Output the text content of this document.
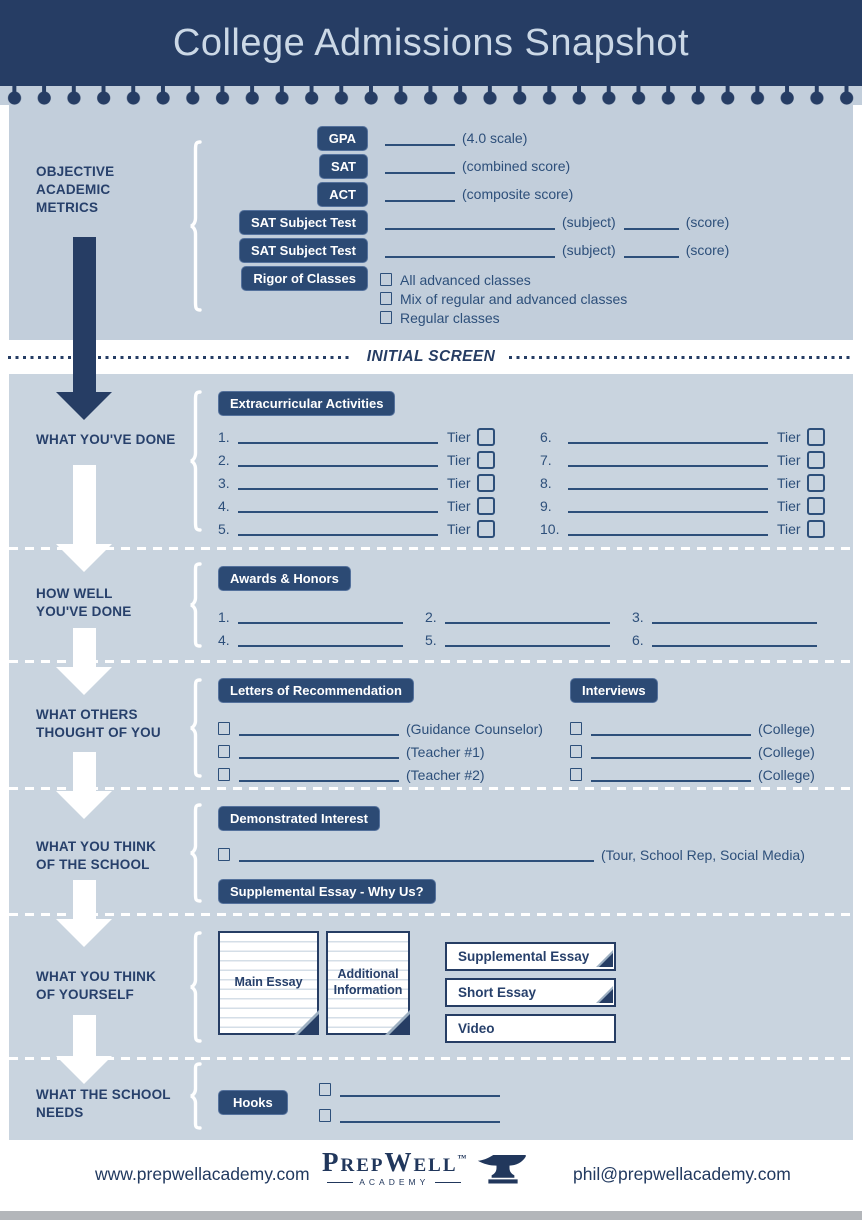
College Admissions Snapshot
INITIAL SCREEN
OBJECTIVE ACADEMIC METRICS
WHAT YOU'VE DONE
HOW WELL YOU'VE DONE
WHAT OTHERS THOUGHT OF YOU
WHAT YOU THINK OF THE SCHOOL
WHAT YOU THINK OF YOURSELF
WHAT THE SCHOOL NEEDS
GPA	(4.0 scale)
SAT	(combined score)
ACT	(composite score)
SAT Subject Test	(subject)	(score)
SAT Subject Test	(subject)	(score)
Rigor of Classes	All advanced classes
Mix of regular and advanced classes
Regular classes
Extracurricular Activities
1.	Tier
2.	Tier
3.	Tier
4.	Tier
5.	Tier
6.	Tier
7.	Tier
8.	Tier
9.	Tier
10.	Tier
Awards & Honors
1.	2.	3.
4.	5.	6.
Letters of Recommendation
(Guidance Counselor)
(Teacher #1)
(Teacher #2)
Interviews
(College)
(College)
(College)
Demonstrated Interest
(Tour, School Rep, Social Media)
Supplemental Essay - Why Us?
Main Essay
Additional Information
Supplemental Essay
Short Essay
Video
Hooks
www.prepwellacademy.com PrepWell™
ACADEMY	phil@prepwellacademy.com
